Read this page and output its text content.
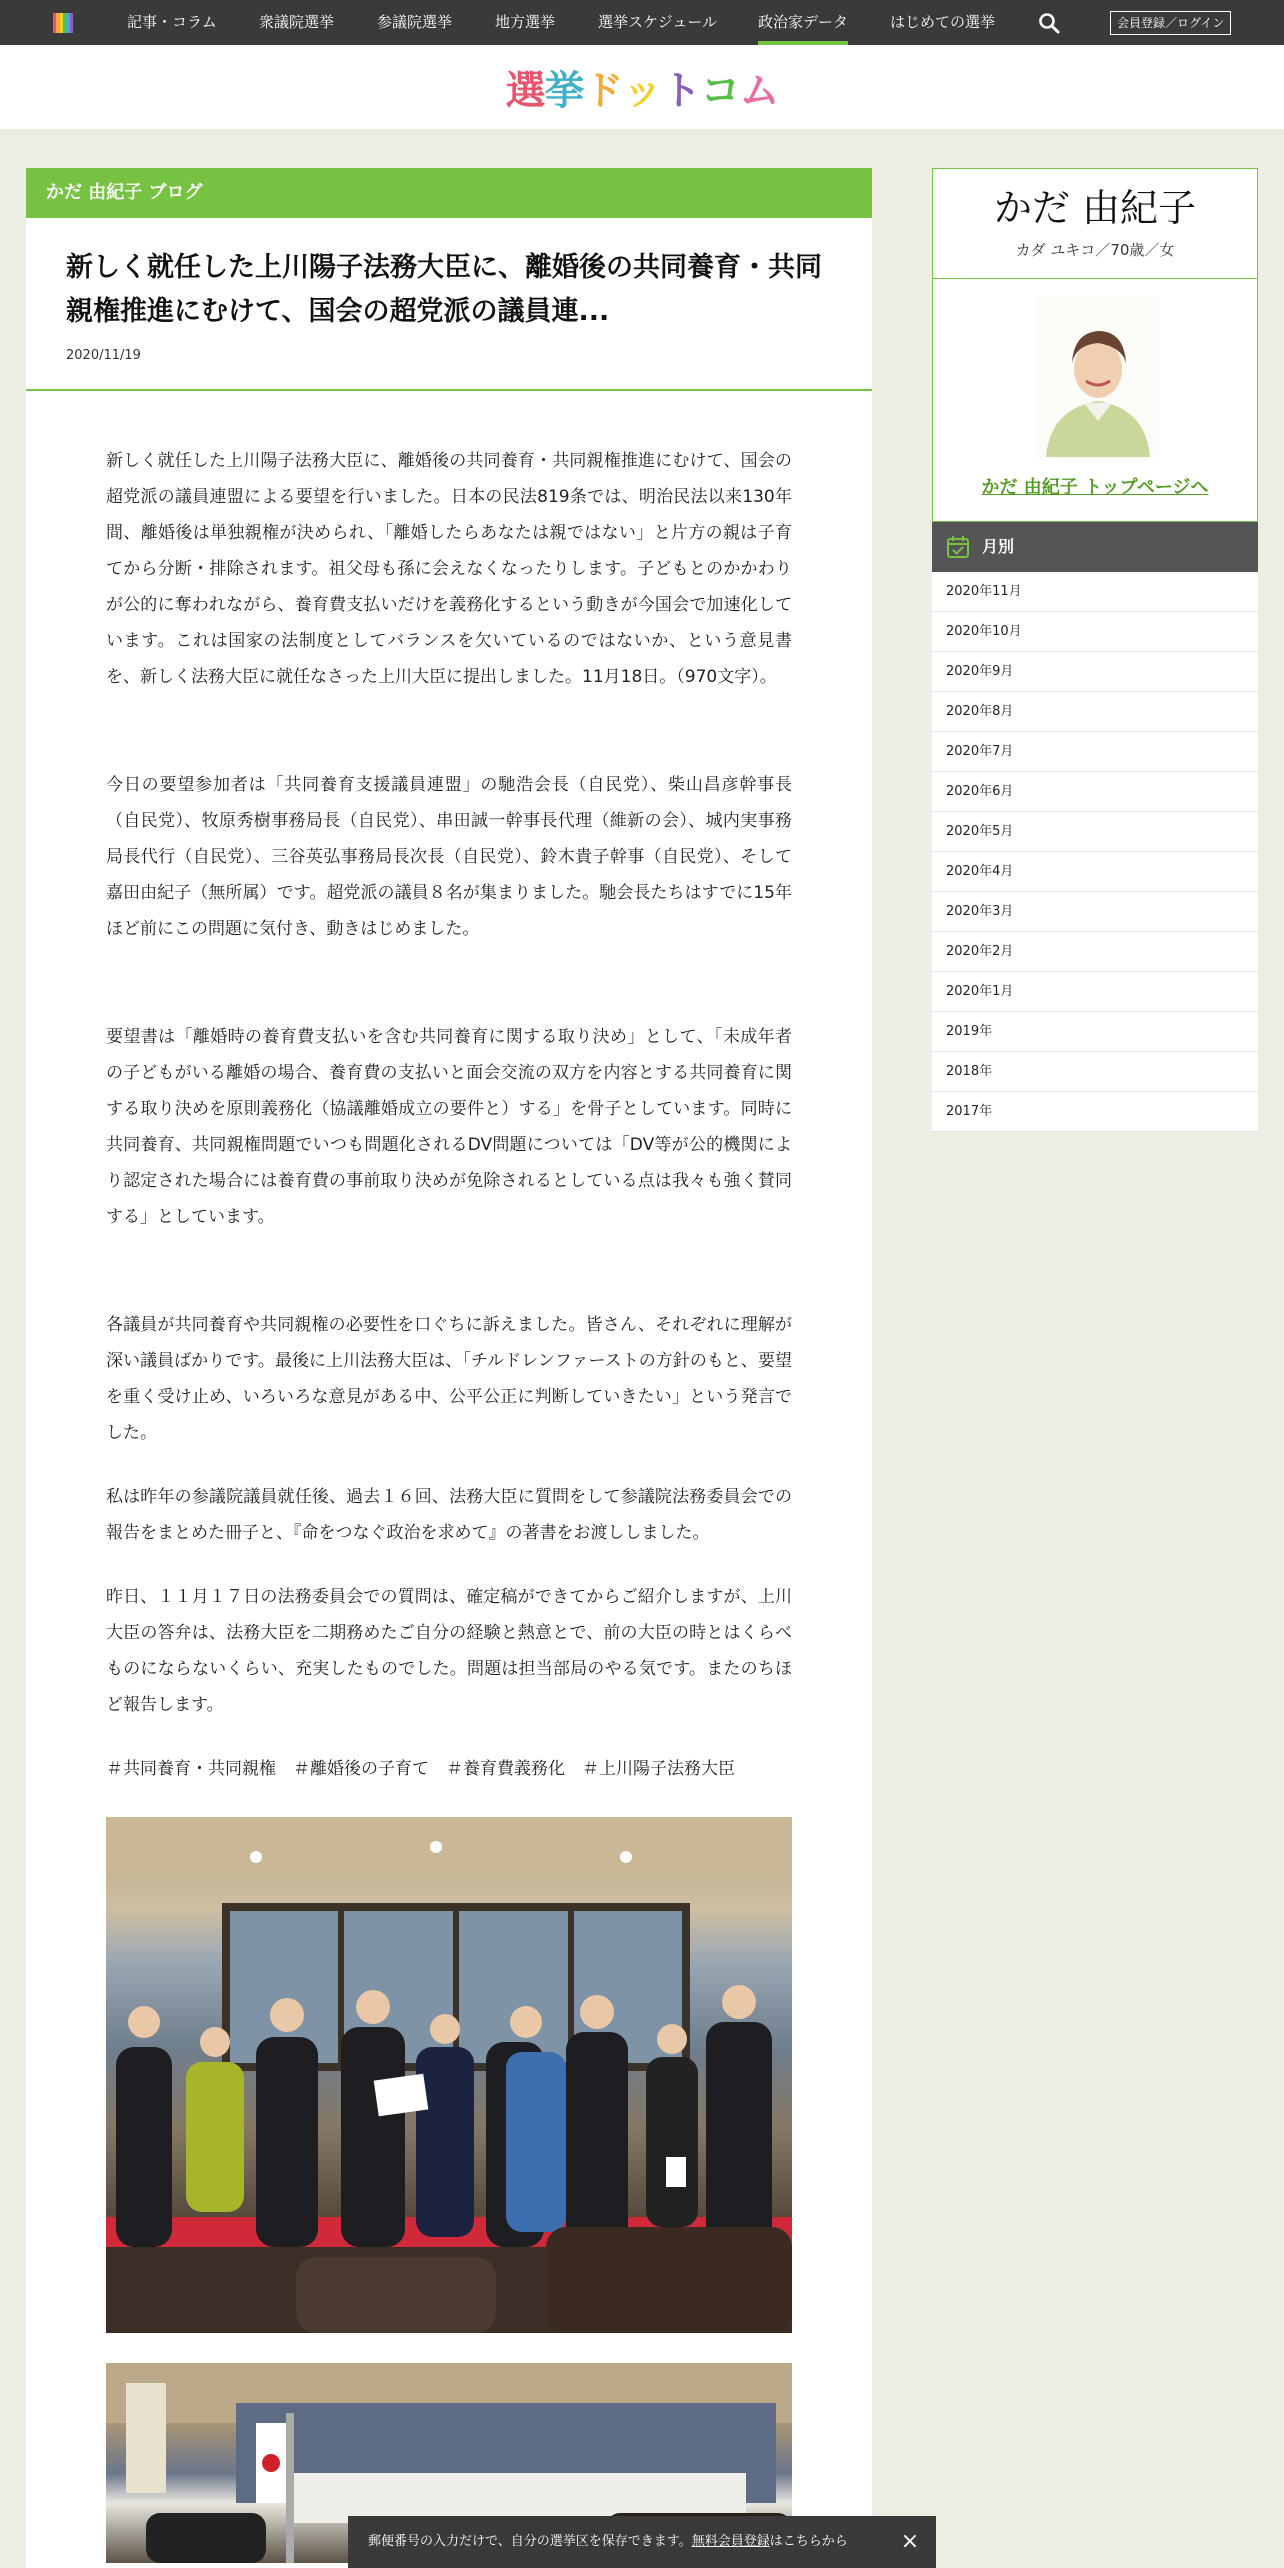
記事・コラム	衆議院選挙	参議院選挙	地方選挙	選挙スケジュール	政治家データ	はじめての選挙	会員登録／ログイン
選 挙 ド ッ ト コ ム
かだ 由紀子 ブログ
新しく就任した上川陽子法務大臣に、離婚後の共同養育・共同親権推進にむけて、国会の超党派の議員連...
2020/11/19

新しく就任した上川陽子法務大臣に、離婚後の共同養育・共同親権推進にむけて、国会の超党派の議員連盟による要望を行いました。日本の民法819条では、明治民法以来130年間、離婚後は単独親権が決められ、「離婚したらあなたは親ではない」と片方の親は子育てから分断・排除されます。祖父母も孫に会えなくなったりします。子どもとのかかわりが公的に奪われながら、養育費支払いだけを義務化するという動きが今国会で加速化しています。これは国家の法制度としてバランスを欠いているのではないか、という意見書を、新しく法務大臣に就任なさった上川大臣に提出しました。11月18日。（970文字）。

今日の要望参加者は「共同養育支援議員連盟」の馳浩会長（自民党）、柴山昌彦幹事長（自民党）、牧原秀樹事務局長（自民党）、串田誠一幹事長代理（維新の会）、城内実事務局長代行（自民党）、三谷英弘事務局長次長（自民党）、鈴木貴子幹事（自民党）、そして嘉田由紀子（無所属）です。超党派の議員８名が集まりました。馳会長たちはすでに15年ほど前にこの問題に気付き、動きはじめました。

要望書は「離婚時の養育費支払いを含む共同養育に関する取り決め」として、「未成年者の子どもがいる離婚の場合、養育費の支払いと面会交流の双方を内容とする共同養育に関する取り決めを原則義務化（協議離婚成立の要件と）する」を骨子としています。同時に共同養育、共同親権問題でいつも問題化されるDV問題については「DV等が公的機関により認定された場合には養育費の事前取り決めが免除されるとしている点は我々も強く賛同する」としています。

各議員が共同養育や共同親権の必要性を口ぐちに訴えました。皆さん、それぞれに理解が深い議員ばかりです。最後に上川法務大臣は、「チルドレンファーストの方針のもと、要望を重く受け止め、いろいろな意見がある中、公平公正に判断していきたい」という発言でした。

私は昨年の参議院議員就任後、過去１６回、法務大臣に質問をして参議院法務委員会での報告をまとめた冊子と、『命をつなぐ政治を求めて』の著書をお渡ししました。

昨日、１１月１７日の法務委員会での質問は、確定稿ができてからご紹介しますが、上川大臣の答弁は、法務大臣を二期務めたご自分の経験と熱意とで、前の大臣の時とはくらべものにならないくらい、充実したものでした。問題は担当部局のやる気です。またのちほど報告します。

＃共同養育・共同親権　＃離婚後の子育て　＃養育費義務化　＃上川陽子法務大臣

かだ 由紀子
カダ ユキコ／70歳／女
かだ 由紀子 トップページへ
月別
2020年11月
2020年10月
2020年9月
2020年8月
2020年7月
2020年6月
2020年5月
2020年4月
2020年3月
2020年2月
2020年1月
2019年
2018年
2017年
郵便番号の入力だけで、自分の選挙区を保存できます。無料会員登録はこちらから	×
